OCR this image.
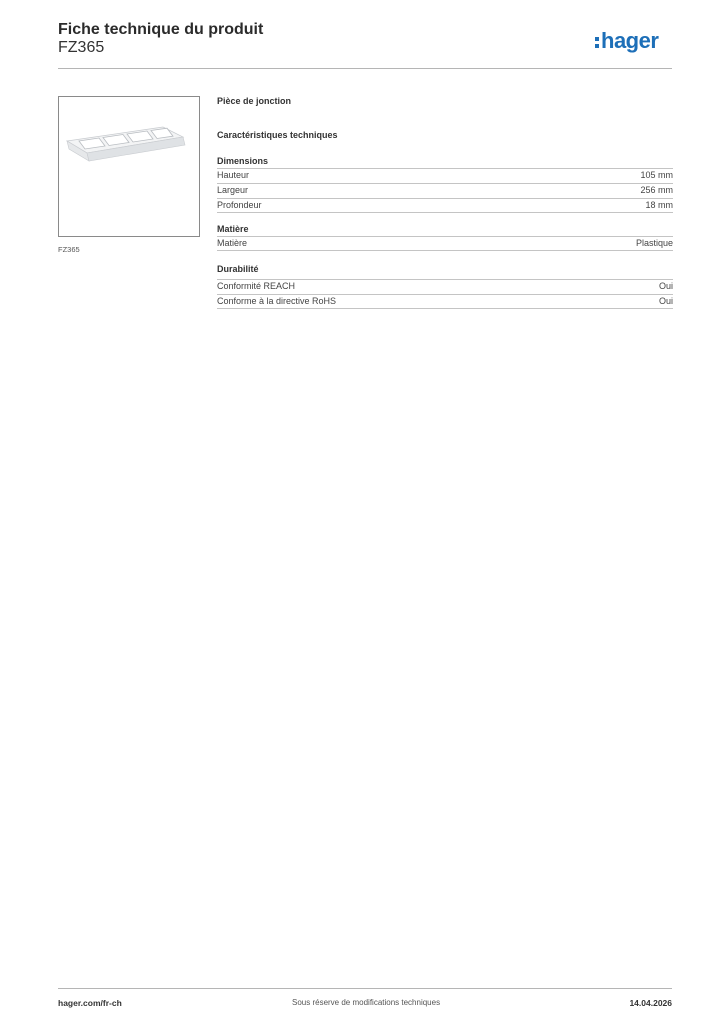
Fiche technique du produit
FZ365	hager
FZ365
Pièce de jonction
Caractéristiques techniques
Dimensions
Hauteur	105 mm
Largeur	256 mm
Profondeur	18 mm
Matière
Matière	Plastique
Durabilité
Conformité REACH	Oui
Conforme à la directive RoHS	Oui
hager.com/fr-ch	Sous réserve de modifications techniques	14.04.2026
